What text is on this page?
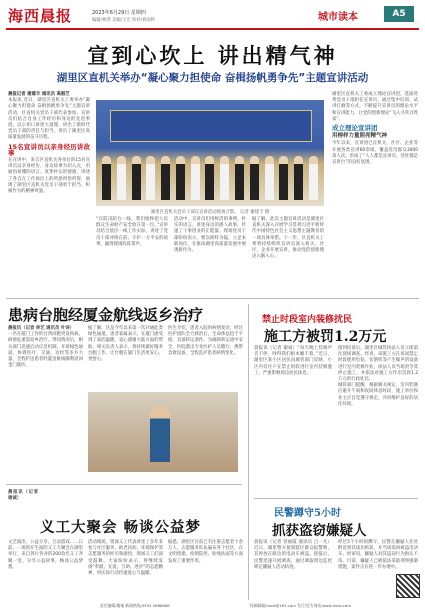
海西晨报	2023年6月29日 星期四
编辑/林然 美编/王宏 校对/刘雨婷	城市读本	A5
宣到心坎上 讲出精气神
湖里区直机关举办“凝心聚力担使命 奋楫扬帆勇争先”主题宣讲活动
晨报记者 谢建丰 通讯员 高丽芝
本报讯 近日，湖里区直机关工委举办“凝心聚力担使命 奋楫扬帆勇争先”主题宣讲活动，区直机关党员干部代表参加。宣讲员们结合自身工作经历和身边的先进事迹，以小切口讲述大道理，讲出了新时代党员干部的责任与担当，讲出了湖里区高质量发展的奋斗历程。
15名宣讲员以亲身经历讲故事
在宣讲中，来自区直机关各单位的15名宣讲员以亲身经历、身边故事为切入点，用通俗易懂的语言、真挚朴实的情感，讲述了各自在工作岗位上的所思所悟所得，展现了湖里区直机关党员干部勇于担当、积极作为的精神风貌。
湖里区直机关党员干部在宣讲活动现场合影。 记者 谢建丰 摄
“在防汛防台一线，我们始终把人民群众生命财产安全放在第一位。”宣讲员结合基层一线工作实际，讲述了党员干部冲锋在前、守护一方平安的故事，赢得现场阵阵掌声。
活动中，宣讲员们用鲜活的事例、朴实的语言，讲述身边的感人故事，传递了干事创业的正能量。现场党员干部纷纷表示，要以榜样为镜，立足本职岗位，在推动湖里高质量发展中展现新作为。
据了解，此次主题宣讲活动是湖里区直机关深入开展学习贯彻习近平新时代中国特色社会主义思想主题教育的一项具体举措。下一步，区直机关工委将持续组织宣讲员深入机关、社区、企业开展宣讲，推动党的创新理论入脑入心。
湖里区直机关工委成立理论宣讲团，选拔优秀党员干部担任宣讲员，通过集中培训、试讲打磨等方式，不断提升宣讲员的理论水平和宣讲能力，让党的创新理论“飞入寻常百姓家”。
成立理论宣讲团
用榜样力量照亮精气神
今年以来，宣讲团已在机关、社区、企业等开展各类宣讲60余场，覆盖党员群众3000余人次，形成了“人人都是宣讲员、处处都是宣讲台”的良好氛围。
患病台胞经厦金航线返乡治疗
晨报讯（记者 林艺 通讯员 叶诗）
一名在厦门工作的台湾同胞突发疾病，病情危重需返乡治疗。得知情况后，相关部门迅速启动应急机制，开辟绿色通道，协调医疗、交通、边检等多方力量，全程护送患者经厦金航线顺利返回金门就医。
据了解，这是今年以来第一次开通此类绿色通道。患者家属表示，在厦门感受到了家的温暖，衷心感谢大陆方面的帮助。相关负责人表示，将持续做好服务台胞工作，让台胞在厦门生活更安心、更舒心。
医生介绍，患者入院时病情复杂，经过医护团队全力救治后，生命体征趋于平稳，具备转运条件。为确保转运途中安全，医院派出专业医护人员随行，携带急救设备，全程监护患者病情变化。
义工大聚会 畅谈公益梦
晨报讯（记者 谢诚）
文艺演出、公益分享、互动游戏……日前，一场别开生面的义工大聚会在湖里举行，来自各行各业的200余名义工齐聚一堂，分享公益故事，畅谈公益梦想。
活动现场，资深义工代表讲述了多年来参与社区服务、助老扶幼、环境保护等志愿服务的经历和感悟，现场义工们深受鼓舞。大家纷纷表示，将继续发扬“奉献、友爱、互助、进步”的志愿精神，用实际行动传递爱心与温暖。
据悉，湖里区目前已有注册志愿者十余万人，志愿服务队伍遍布各个社区，在文明创建、疫情防控、助残扶弱等方面发挥了重要作用。
禁止时段室内装修扰民
施工方被罚1.2万元
晨报讯（记者 谢诚）“每天晚上装修声音不停，吵得我们根本睡不着。”近日，湖里区某小区居民向城管部门反映，小区内有住户在禁止时段进行室内装修施工，严重影响周边居民休息。
接到投诉后，湖里区城管执法人员立即前往现场调查。经查，该施工方在夜间禁止时段使用电钻、切割机等产生噪声的设备进行室内装修作业。执法人员当场责令其停止施工，并依法对施工方作出罚款1.2万元的行政处罚。
城管部门提醒，根据相关规定，室内装修应避开午间和夜间休息时段，施工单位和业主应自觉遵守规定，共同维护良好的居住环境。
民警蹲守5小时
抓获盗窃嫌疑人
晨报讯（记者 曾丽霞 通讯员 吕一凡）近日，湖里警方接到辖区群众报警称，其停放在路边的电动车被盗。接报后，民警迅速开展调查，通过调取周边监控锁定嫌疑人活动轨迹。
经过5个小时的蹲守，民警在嫌疑人住处附近将其成功抓获，并当场追回被盗电动车。经审讯，嫌疑人对其盗窃行为供认不讳。目前，嫌疑人已被依法采取刑事强制措施，案件正在进一步办理中。
责任编辑/谢诚 新闻热线/0592-5888888	投稿邮箱/hxcb@163.com 发行/官方网站/www.hxcb.com
